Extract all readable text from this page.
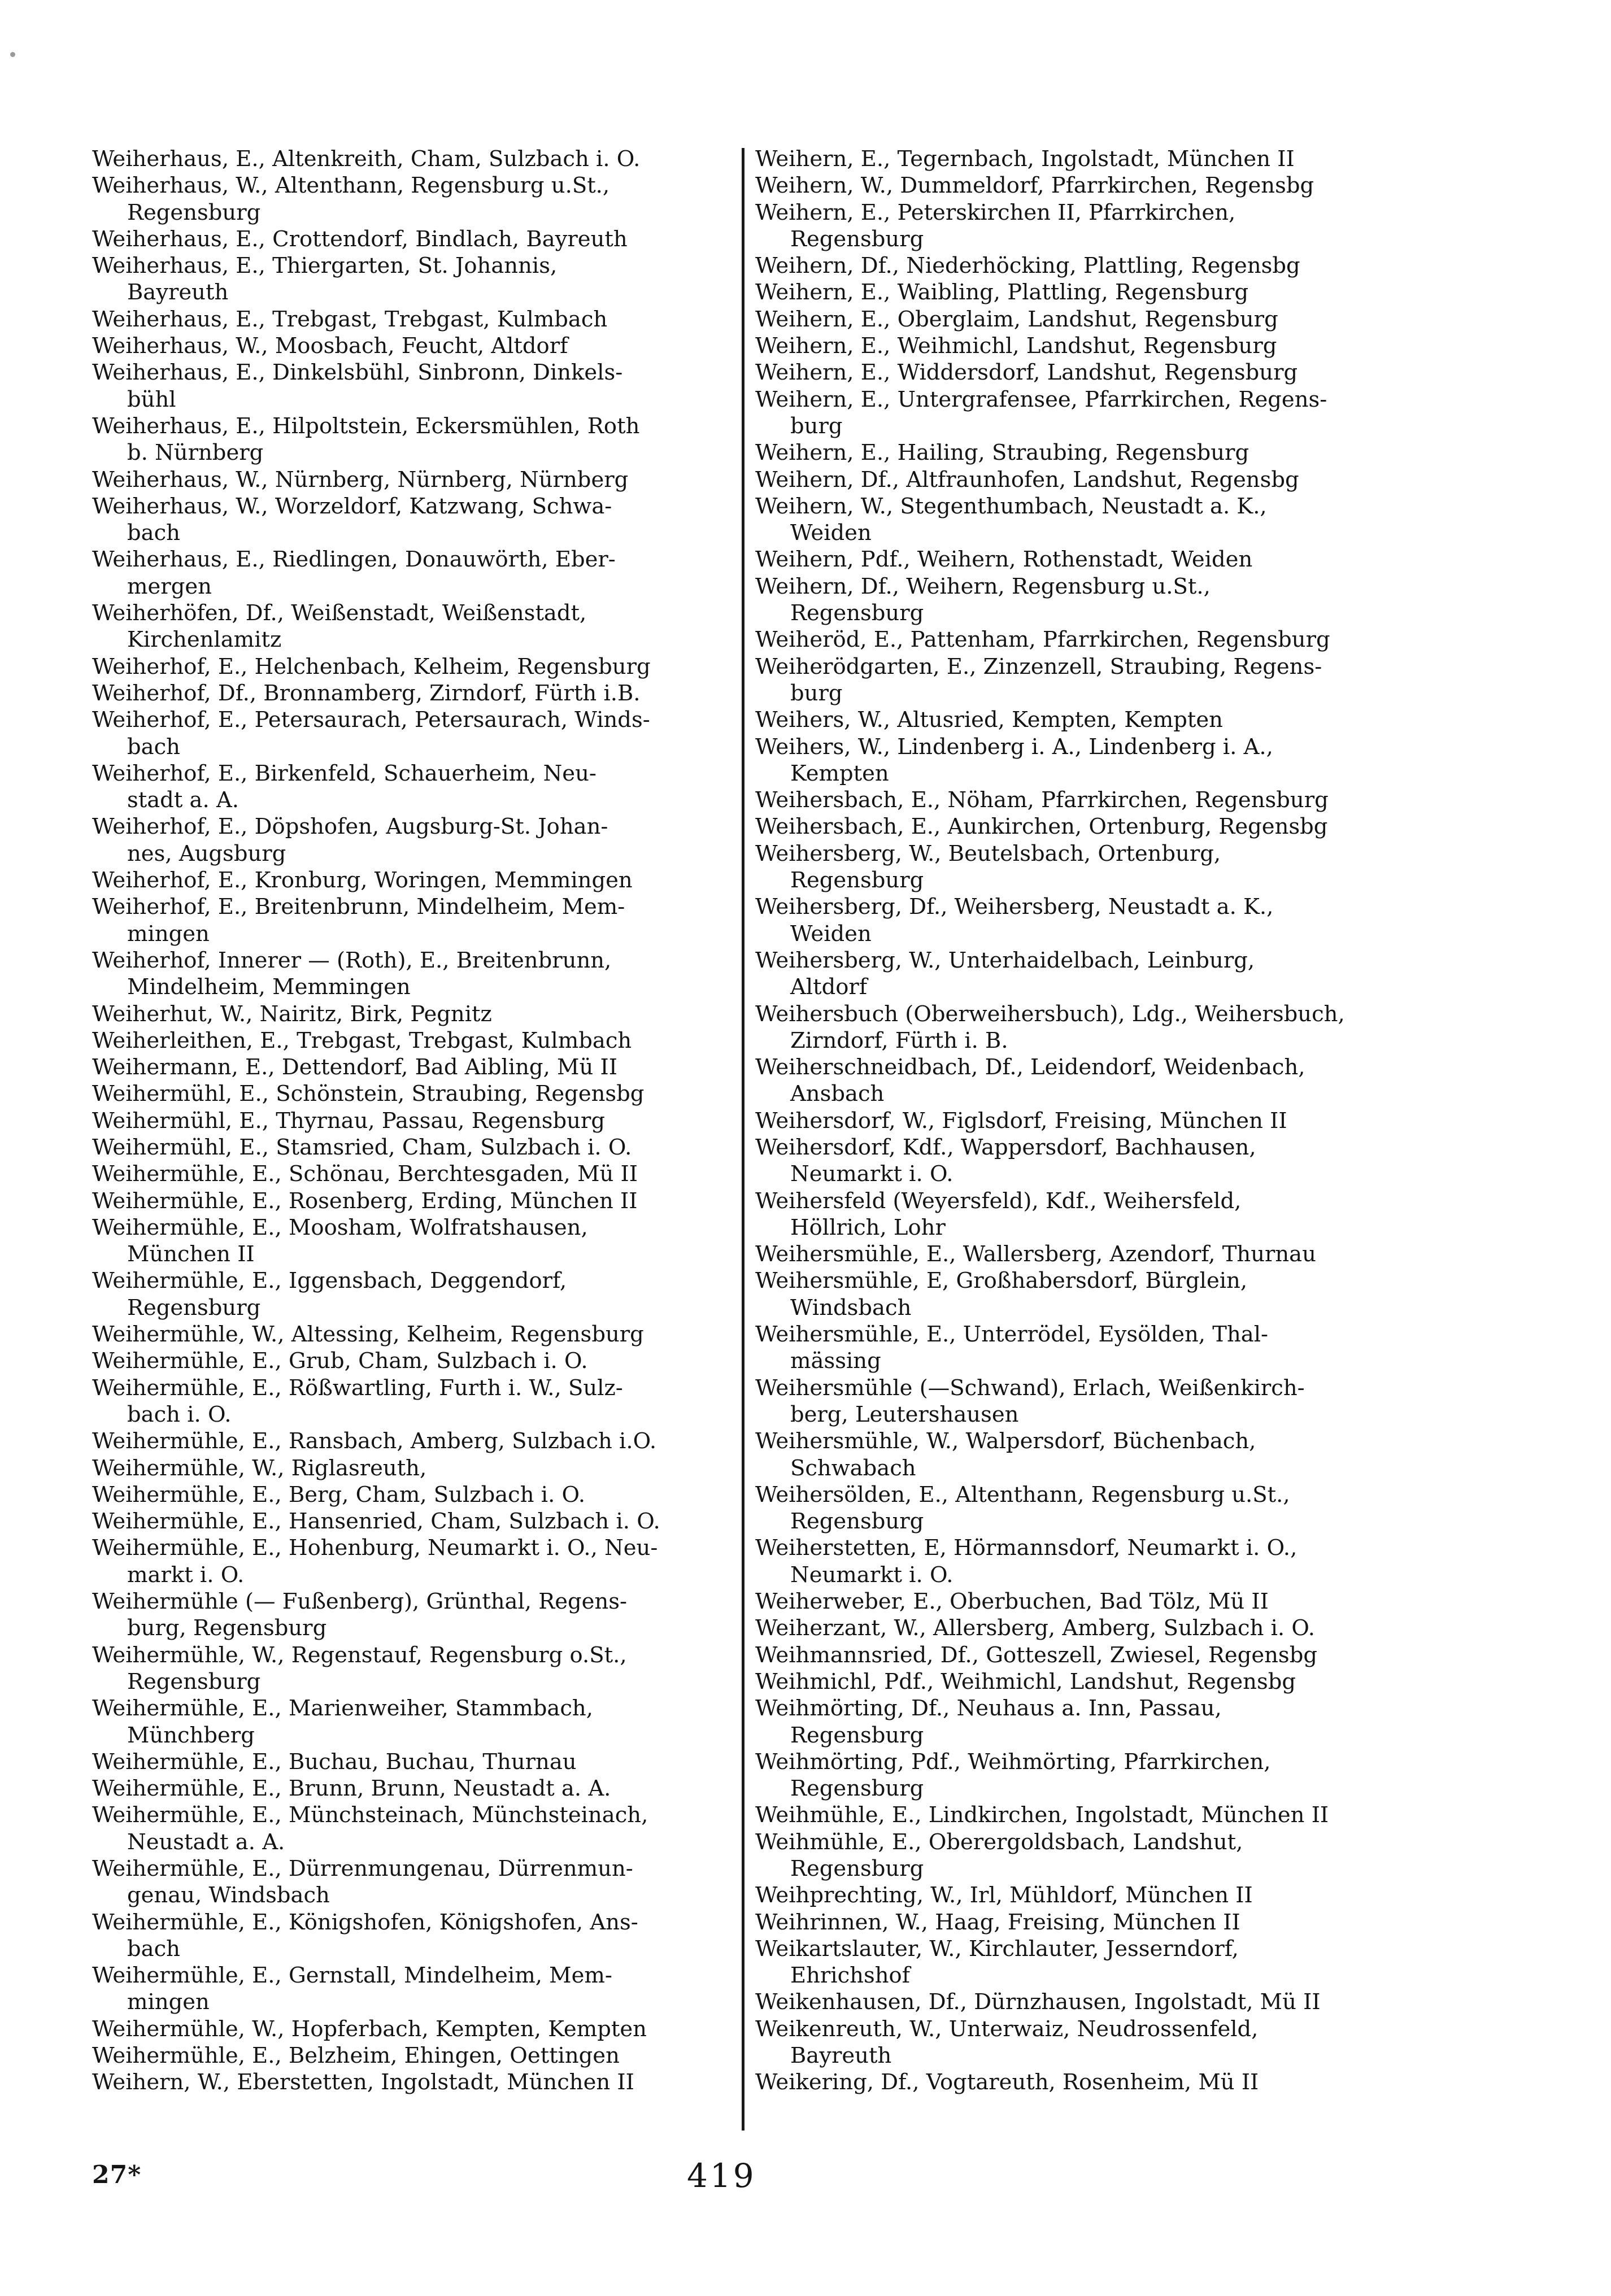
Weiherhaus, E., Altenkreith, Cham, Sulzbach i. O.
Weiherhaus, W., Altenthann, Regensburg u.St.,
Regensburg
Weiherhaus, E., Crottendorf, Bindlach, Bayreuth
Weiherhaus, E., Thiergarten, St. Johannis,
Bayreuth
Weiherhaus, E., Trebgast, Trebgast, Kulmbach
Weiherhaus, W., Moosbach, Feucht, Altdorf
Weiherhaus, E., Dinkelsbühl, Sinbronn, Dinkels-
bühl
Weiherhaus, E., Hilpoltstein, Eckersmühlen, Roth
b. Nürnberg
Weiherhaus, W., Nürnberg, Nürnberg, Nürnberg
Weiherhaus, W., Worzeldorf, Katzwang, Schwa-
bach
Weiherhaus, E., Riedlingen, Donauwörth, Eber-
mergen
Weiherhöfen, Df., Weißenstadt, Weißenstadt,
Kirchenlamitz
Weiherhof, E., Helchenbach, Kelheim, Regensburg
Weiherhof, Df., Bronnamberg, Zirndorf, Fürth i.B.
Weiherhof, E., Petersaurach, Petersaurach, Winds-
bach
Weiherhof, E., Birkenfeld, Schauerheim, Neu-
stadt a. A.
Weiherhof, E., Döpshofen, Augsburg-St. Johan-
nes, Augsburg
Weiherhof, E., Kronburg, Woringen, Memmingen
Weiherhof, E., Breitenbrunn, Mindelheim, Mem-
mingen
Weiherhof, Innerer — (Roth), E., Breitenbrunn,
Mindelheim, Memmingen
Weiherhut, W., Nairitz, Birk, Pegnitz
Weiherleithen, E., Trebgast, Trebgast, Kulmbach
Weihermann, E., Dettendorf, Bad Aibling, Mü II
Weihermühl, E., Schönstein, Straubing, Regensbg
Weihermühl, E., Thyrnau, Passau, Regensburg
Weihermühl, E., Stamsried, Cham, Sulzbach i. O.
Weihermühle, E., Schönau, Berchtesgaden, Mü II
Weihermühle, E., Rosenberg, Erding, München II
Weihermühle, E., Moosham, Wolfratshausen,
München II
Weihermühle, E., Iggensbach, Deggendorf,
Regensburg
Weihermühle, W., Altessing, Kelheim, Regensburg
Weihermühle, E., Grub, Cham, Sulzbach i. O.
Weihermühle, E., Rößwartling, Furth i. W., Sulz-
bach i. O.
Weihermühle, E., Ransbach, Amberg, Sulzbach i.O.
Weihermühle, W., Riglasreuth,
Weihermühle, E., Berg, Cham, Sulzbach i. O.
Weihermühle, E., Hansenried, Cham, Sulzbach i. O.
Weihermühle, E., Hohenburg, Neumarkt i. O., Neu-
markt i. O.
Weihermühle (— Fußenberg), Grünthal, Regens-
burg, Regensburg
Weihermühle, W., Regenstauf, Regensburg o.St.,
Regensburg
Weihermühle, E., Marienweiher, Stammbach,
Münchberg
Weihermühle, E., Buchau, Buchau, Thurnau
Weihermühle, E., Brunn, Brunn, Neustadt a. A.
Weihermühle, E., Münchsteinach, Münchsteinach,
Neustadt a. A.
Weihermühle, E., Dürrenmungenau, Dürrenmun-
genau, Windsbach
Weihermühle, E., Königshofen, Königshofen, Ans-
bach
Weihermühle, E., Gernstall, Mindelheim, Mem-
mingen
Weihermühle, W., Hopferbach, Kempten, Kempten
Weihermühle, E., Belzheim, Ehingen, Oettingen
Weihern, W., Eberstetten, Ingolstadt, München II
Weihern, E., Tegernbach, Ingolstadt, München II
Weihern, W., Dummeldorf, Pfarrkirchen, Regensbg
Weihern, E., Peterskirchen II, Pfarrkirchen,
Regensburg
Weihern, Df., Niederhöcking, Plattling, Regensbg
Weihern, E., Waibling, Plattling, Regensburg
Weihern, E., Oberglaim, Landshut, Regensburg
Weihern, E., Weihmichl, Landshut, Regensburg
Weihern, E., Widdersdorf, Landshut, Regensburg
Weihern, E., Untergrafensee, Pfarrkirchen, Regens-
burg
Weihern, E., Hailing, Straubing, Regensburg
Weihern, Df., Altfraunhofen, Landshut, Regensbg
Weihern, W., Stegenthumbach, Neustadt a. K.,
Weiden
Weihern, Pdf., Weihern, Rothenstadt, Weiden
Weihern, Df., Weihern, Regensburg u.St.,
Regensburg
Weiheröd, E., Pattenham, Pfarrkirchen, Regensburg
Weiherödgarten, E., Zinzenzell, Straubing, Regens-
burg
Weihers, W., Altusried, Kempten, Kempten
Weihers, W., Lindenberg i. A., Lindenberg i. A.,
Kempten
Weihersbach, E., Nöham, Pfarrkirchen, Regensburg
Weihersbach, E., Aunkirchen, Ortenburg, Regensbg
Weihersberg, W., Beutelsbach, Ortenburg,
Regensburg
Weihersberg, Df., Weihersberg, Neustadt a. K.,
Weiden
Weihersberg, W., Unterhaidelbach, Leinburg,
Altdorf
Weihersbuch (Oberweihersbuch), Ldg., Weihersbuch,
Zirndorf, Fürth i. B.
Weiherschneidbach, Df., Leidendorf, Weidenbach,
Ansbach
Weihersdorf, W., Figlsdorf, Freising, München II
Weihersdorf, Kdf., Wappersdorf, Bachhausen,
Neumarkt i. O.
Weihersfeld (Weyersfeld), Kdf., Weihersfeld,
Höllrich, Lohr
Weihersmühle, E., Wallersberg, Azendorf, Thurnau
Weihersmühle, E, Großhabersdorf, Bürglein,
Windsbach
Weihersmühle, E., Unterrödel, Eysölden, Thal-
mässing
Weihersmühle (—Schwand), Erlach, Weißenkirch-
berg, Leutershausen
Weihersmühle, W., Walpersdorf, Büchenbach,
Schwabach
Weihersölden, E., Altenthann, Regensburg u.St.,
Regensburg
Weiherstetten, E, Hörmannsdorf, Neumarkt i. O.,
Neumarkt i. O.
Weiherweber, E., Oberbuchen, Bad Tölz, Mü II
Weiherzant, W., Allersberg, Amberg, Sulzbach i. O.
Weihmannsried, Df., Gotteszell, Zwiesel, Regensbg
Weihmichl, Pdf., Weihmichl, Landshut, Regensbg
Weihmörting, Df., Neuhaus a. Inn, Passau,
Regensburg
Weihmörting, Pdf., Weihmörting, Pfarrkirchen,
Regensburg
Weihmühle, E., Lindkirchen, Ingolstadt, München II
Weihmühle, E., Oberergoldsbach, Landshut,
Regensburg
Weihprechting, W., Irl, Mühldorf, München II
Weihrinnen, W., Haag, Freising, München II
Weikartslauter, W., Kirchlauter, Jesserndorf,
Ehrichshof
Weikenhausen, Df., Dürnzhausen, Ingolstadt, Mü II
Weikenreuth, W., Unterwaiz, Neudrossenfeld,
Bayreuth
Weikering, Df., Vogtareuth, Rosenheim, Mü II
27*	419
